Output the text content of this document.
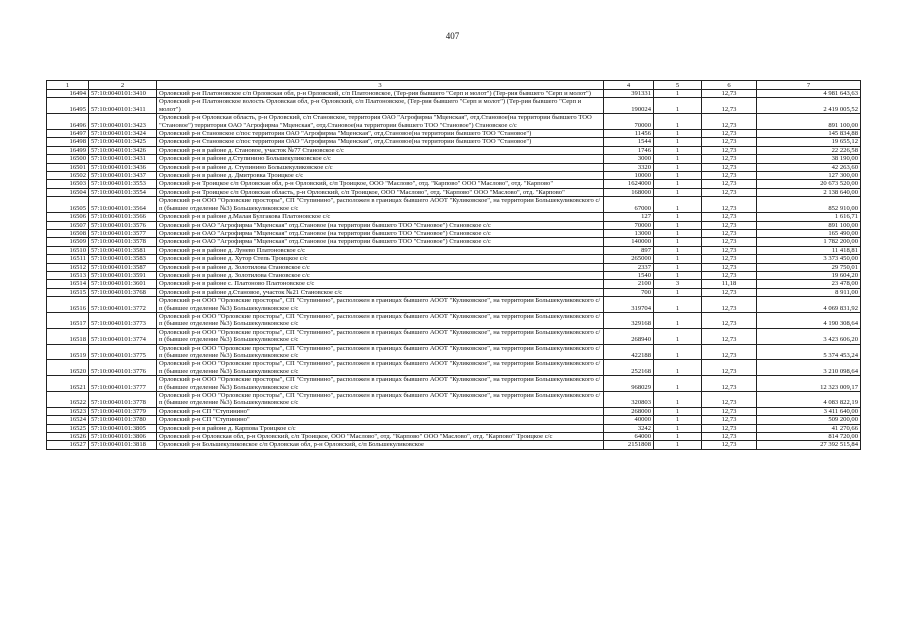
407
1	2	3	4	5	6	7
16494	57:10:0040101:3410	Орловский р-н Платоновское с/п Орловская обл, р-н Орловский, с/п Платоновское, (Тер-рия бывшего "Серп и молот") (Тер-рия бывшего "Серп и молот")	391331	1	12,73	4 981 643,63
16495	57:10:0040101:3411	Орловский р-н Платоновское волость Орловская обл, р-н Орловский, с/п Платоновское, (Тер-рия бывшего "Серп и молот") (Тер-рия бывшего "Серп и молот")	190024	1	12,73	2 419 005,52
16496	57:10:0040101:3423	Орловский р-н Орловская область, р-н Орловский, с/п Становское, территория ОАО "Агрофирма "Мценская", отд.Становое(на территории бывшего ТОО "Становое") территория ОАО "Агрофирма "Мценская", отд.Становое(на территории бывшего ТОО "Становое") Становское с/с	70000	1	12,73	891 100,00
16497	57:10:0040101:3424	Орловский р-н Становское с/пос территория ОАО "Агрофирма "Мценская", отд.Становое(на территории бывшего ТОО "Становое")	11456	1	12,73	145 834,88
16498	57:10:0040101:3425	Орловский р-н Становское с/пос территория ОАО "Агрофирма "Мценская", отд.Становое(на территории бывшего ТОО "Становое")	1544	1	12,73	19 655,12
16499	57:10:0040101:3426	Орловский р-н в районе д. Становое, участок №77 Становское с/с	1746	1	12,73	22 226,58
16500	57:10:0040101:3431	Орловский р-н в районе д.Ступинино Большекуликовское с/с	3000	1	12,73	38 190,00
16501	57:10:0040101:3436	Орловский р-н в районе д. Ступинино Большекуликовское с/с	3320	1	12,73	42 263,60
16502	57:10:0040101:3437	Орловский р-н в районе д. Дмитровка Троицкое с/с	10000	1	12,73	127 300,00
16503	57:10:0040101:3553	Орловский р-н Троицкое с/п Орловская обл, р-н Орловский, с/п Троицкое, ООО "Маслово", отд. "Карпово" ООО "Маслово", отд. "Карпово"	1624000	1	12,73	20 673 520,00
16504	57:10:0040101:3554	Орловский р-н Троицкое с/п Орловская область, р-н Орловский, с/п Троицкое, ООО "Маслово", отд. "Карпово" ООО "Маслово", отд. "Карпово"	168000	1	12,73	2 138 640,00
16505	57:10:0040101:3564	Орловский р-н ООО "Орловские просторы", СП "Ступинино", расположен в границах бывшего АООТ "Куликовское", на территории Большекуликовского с/п (бывшее отделение №3) Большекуликовское с/с	67000	1	12,73	852 910,00
16506	57:10:0040101:3566	Орловский р-н в районе д.Малая Булгакова Платоновское с/с	127	1	12,73	1 616,71
16507	57:10:0040101:3576	Орловский р-н ОАО "Агрофирма "Мценская" отд.Становое (на территории бывшего ТОО "Становое") Становское с/с	70000	1	12,73	891 100,00
16508	57:10:0040101:3577	Орловский р-н ОАО "Агрофирма "Мценская" отд.Становое (на территории бывшего ТОО "Становое") Становское с/с	13000	1	12,73	165 490,00
16509	57:10:0040101:3578	Орловский р-н ОАО "Агрофирма "Мценская" отд.Становое (на территории бывшего ТОО "Становое") Становское с/с	140000	1	12,73	1 782 200,00
16510	57:10:0040101:3581	Орловский р-н в районе д. Лунево Платоновское с/с	897	1	12,73	11 418,81
16511	57:10:0040101:3583	Орловский р-н в районе д. Хутор Степь Троицкое с/с	265000	1	12,73	3 373 450,00
16512	57:10:0040101:3587	Орловский р-н в районе д. Золотилова Становское с/с	2337	1	12,73	29 750,01
16513	57:10:0040101:3591	Орловский р-н в районе д. Золотилова Становское с/с	1540	1	12,73	19 604,20
16514	57:10:0040101:3601	Орловский р-н в районе с. Платоново Платоновское с/с	2100	3	11,18	23 478,00
16515	57:10:0040101:3768	Орловский р-н в районе д.Становое, участок №21 Становское с/с	700	1	12,73	8 911,00
16516	57:10:0040101:3772	Орловский р-н ООО "Орловские просторы", СП "Ступинино", расположен в границах бывшего АООТ "Куликовское", на территории Большекуликовского с/п (бывшее отделение №3) Большекуликовское с/с	319704	1	12,73	4 069 831,92
16517	57:10:0040101:3773	Орловский р-н ООО "Орловские просторы", СП "Ступинино", расположен в границах бывшего АООТ "Куликовское", на территории Большекуликовского с/п (бывшее отделение №3) Большекуликовское с/с	329168	1	12,73	4 190 308,64
16518	57:10:0040101:3774	Орловский р-н ООО "Орловские просторы", СП "Ступинино", расположен в границах бывшего АООТ "Куликовское", на территории Большекуликовского с/п (бывшее отделение №3) Большекуликовское с/с	268940	1	12,73	3 423 606,20
16519	57:10:0040101:3775	Орловский р-н ООО "Орловские просторы", СП "Ступинино", расположен в границах бывшего АООТ "Куликовское", на территории Большекуликовского с/п (бывшее отделение №3) Большекуликовское с/с	422188	1	12,73	5 374 453,24
16520	57:10:0040101:3776	Орловский р-н ООО "Орловские просторы", СП "Ступинино", расположен в границах бывшего АООТ "Куликовское", на территории Большекуликовского с/п (бывшее отделение №3) Большекуликовское с/с	252168	1	12,73	3 210 098,64
16521	57:10:0040101:3777	Орловский р-н ООО "Орловские просторы", СП "Ступинино", расположен в границах бывшего АООТ "Куликовское", на территории Большекуликовского с/п (бывшее отделение №3) Большекуликовское с/с	968029	1	12,73	12 323 009,17
16522	57:10:0040101:3778	Орловский р-н ООО "Орловские просторы", СП "Ступинино", расположен в границах бывшего АООТ "Куликовское", на территории Большекуликовского с/п (бывшее отделение №3) Большекуликовское с/с	320803	1	12,73	4 083 822,19
16523	57:10:0040101:3779	Орловский р-н СП "Ступинино"	268000	1	12,73	3 411 640,00
16524	57:10:0040101:3780	Орловский р-н СП "Ступинино"	40000	1	12,73	509 200,00
16525	57:10:0040101:3805	Орловский р-н в районе д. Карпова Троицкое с/с	3242	1	12,73	41 270,66
16526	57:10:0040101:3806	Орловский р-н Орловская обл, р-н Орловский, с/п Троицкое, ООО "Маслово", отд. "Карпово" ООО "Маслово", отд. "Карпово" Троицкое с/с	64000	1	12,73	814 720,00
16527	57:10:0040101:3818	Орловский р-н Большекуликовское с/п Орловская обл, р-н Орловский, с/п Большекуликовское	2151808	1	12,73	27 392 515,84
